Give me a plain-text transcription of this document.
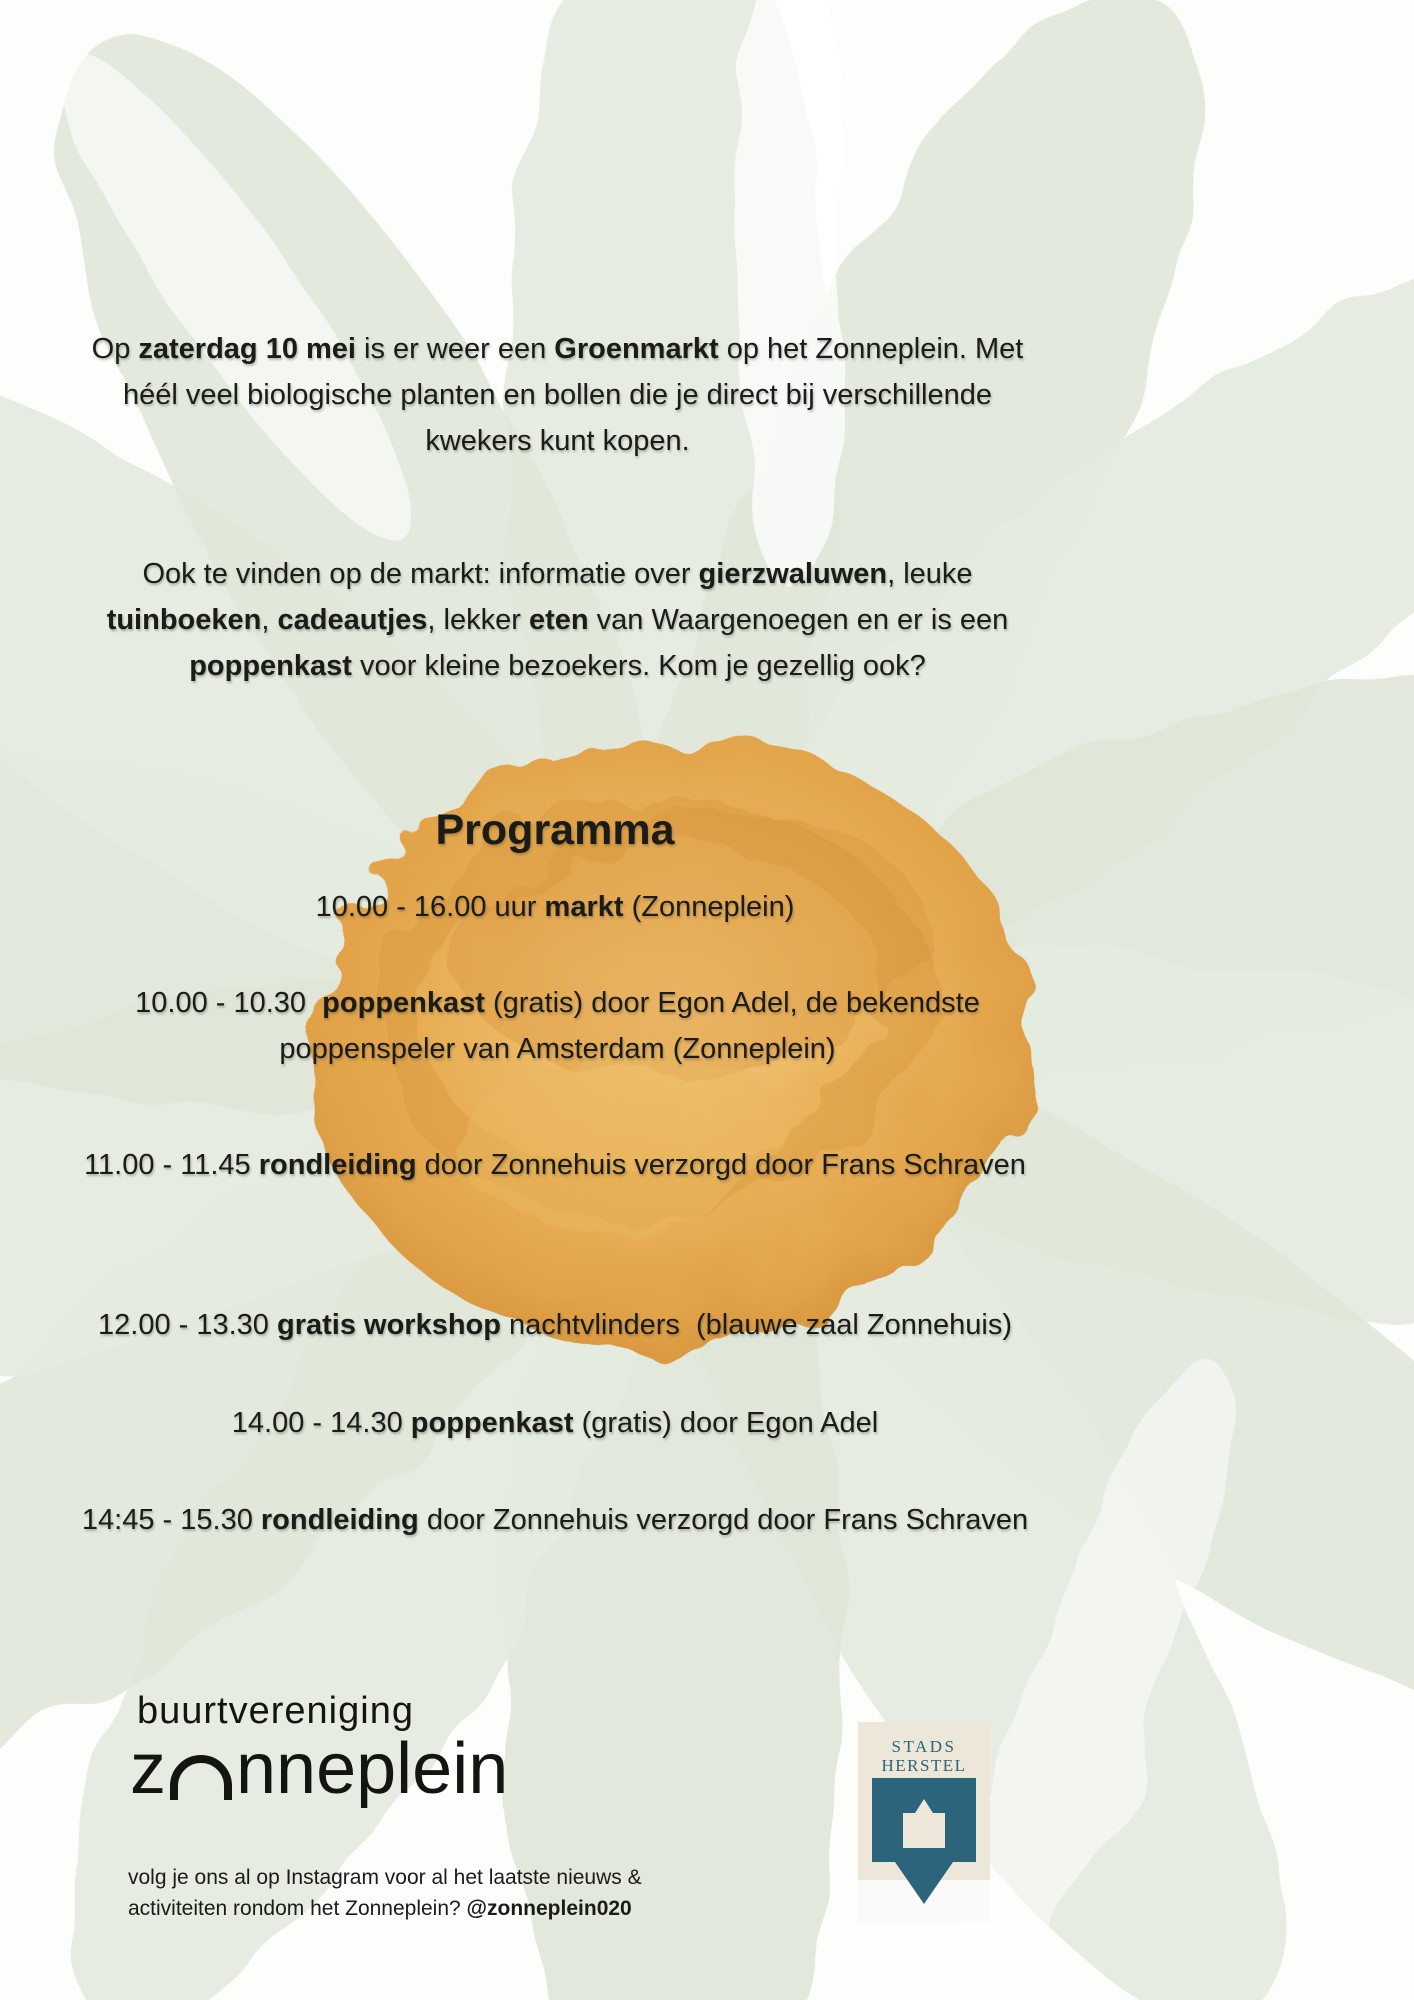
Op zaterdag 10 mei is er weer een Groenmarkt op het Zonneplein. Met héél veel biologische planten en bollen die je direct bij verschillende kwekers kunt kopen.

Ook te vinden op de markt: informatie over gierzwaluwen, leuke tuinboeken, cadeautjes, lekker eten van Waargenoegen en er is een poppenkast voor kleine bezoekers. Kom je gezellig ook?

Programma
10.00 - 16.00 uur markt (Zonneplein)
10.00 - 10.30  poppenkast (gratis) door Egon Adel, de bekendste poppenspeler van Amsterdam (Zonneplein)
11.00 - 11.45 rondleiding door Zonnehuis verzorgd door Frans Schraven
12.00 - 13.30 gratis workshop nachtvlinders  (blauwe zaal Zonnehuis)
14.00 - 14.30 poppenkast (gratis) door Egon Adel
14:45 - 15.30 rondleiding door Zonnehuis verzorgd door Frans Schraven
buurtvereniging
z nneplein
volg je ons al op Instagram voor al het laatste nieuws &
activiteiten rondom het Zonneplein? @zonneplein020
STADS
HERSTEL
